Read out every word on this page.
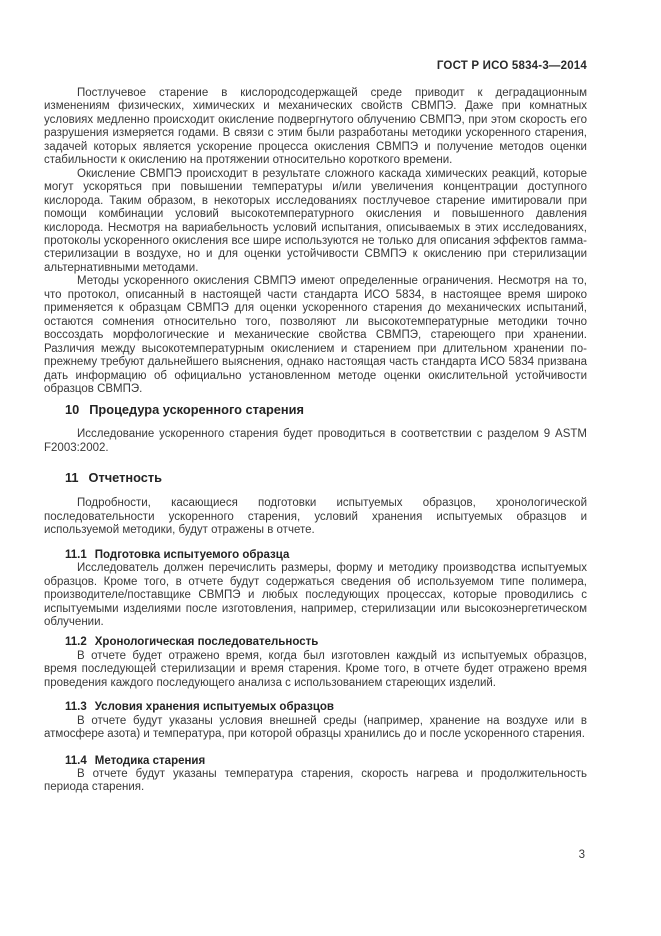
ГОСТ Р ИСО 5834-3—2014

Постлучевое старение в кислородсодержащей среде приводит к деградационным изменениям физических, химических и механических свойств СВМПЭ. Даже при комнатных условиях медленно происходит окисление подвергнутого облучению СВМПЭ, при этом скорость его разрушения измеряется годами. В связи с этим были разработаны методики ускоренного старения, задачей которых является ускорение процесса окисления СВМПЭ и получение методов оценки стабильности к окислению на протяжении относительно короткого времени.

Окисление СВМПЭ происходит в результате сложного каскада химических реакций, которые могут ускоряться при повышении температуры и/или увеличения концентрации доступного кислорода. Таким образом, в некоторых исследованиях постлучевое старение имитировали при помощи комбинации условий высокотемпературного окисления и повышенного давления кислорода. Несмотря на вариабельность условий испытания, описываемых в этих исследованиях, протоколы ускоренного окисления все шире используются не только для описания эффектов гамма-стерилизации в воздухе, но и для оценки устойчивости СВМПЭ к окислению при стерилизации альтернативными методами.

Методы ускоренного окисления СВМПЭ имеют определенные ограничения. Несмотря на то, что протокол, описанный в настоящей части стандарта ИСО 5834, в настоящее время широко применяется к образцам СВМПЭ для оценки ускоренного старения до механических испытаний, остаются сомнения относительно того, позволяют ли высокотемпературные методики точно воссоздать морфологические и механические свойства СВМПЭ, стареющего при хранении. Различия между высокотемпературным окислением и старением при длительном хранении по-прежнему требуют дальнейшего выяснения, однако настоящая часть стандарта ИСО 5834 призвана дать информацию об официально установленном методе оценки окислительной устойчивости образцов СВМПЭ.

10 Процедура ускоренного старения

Исследование ускоренного старения будет проводиться в соответствии с разделом 9 ASTM F2003:2002.

11 Отчетность

Подробности, касающиеся подготовки испытуемых образцов, хронологической последовательности ускоренного старения, условий хранения испытуемых образцов и используемой методики, будут отражены в отчете.

11.1 Подготовка испытуемого образца

Исследователь должен перечислить размеры, форму и методику производства испытуемых образцов. Кроме того, в отчете будут содержаться сведения об используемом типе полимера, производителе/поставщике СВМПЭ и любых последующих процессах, которые проводились с испытуемыми изделиями после изготовления, например, стерилизации или высокоэнергетическом облучении.

11.2 Хронологическая последовательность

В отчете будет отражено время, когда был изготовлен каждый из испытуемых образцов, время последующей стерилизации и время старения. Кроме того, в отчете будет отражено время проведения каждого последующего анализа с использованием стареющих изделий.

11.3 Условия хранения испытуемых образцов

В отчете будут указаны условия внешней среды (например, хранение на воздухе или в атмосфере азота) и температура, при которой образцы хранились до и после ускоренного старения.

11.4 Методика старения

В отчете будут указаны температура старения, скорость нагрева и продолжительность периода старения.

3
